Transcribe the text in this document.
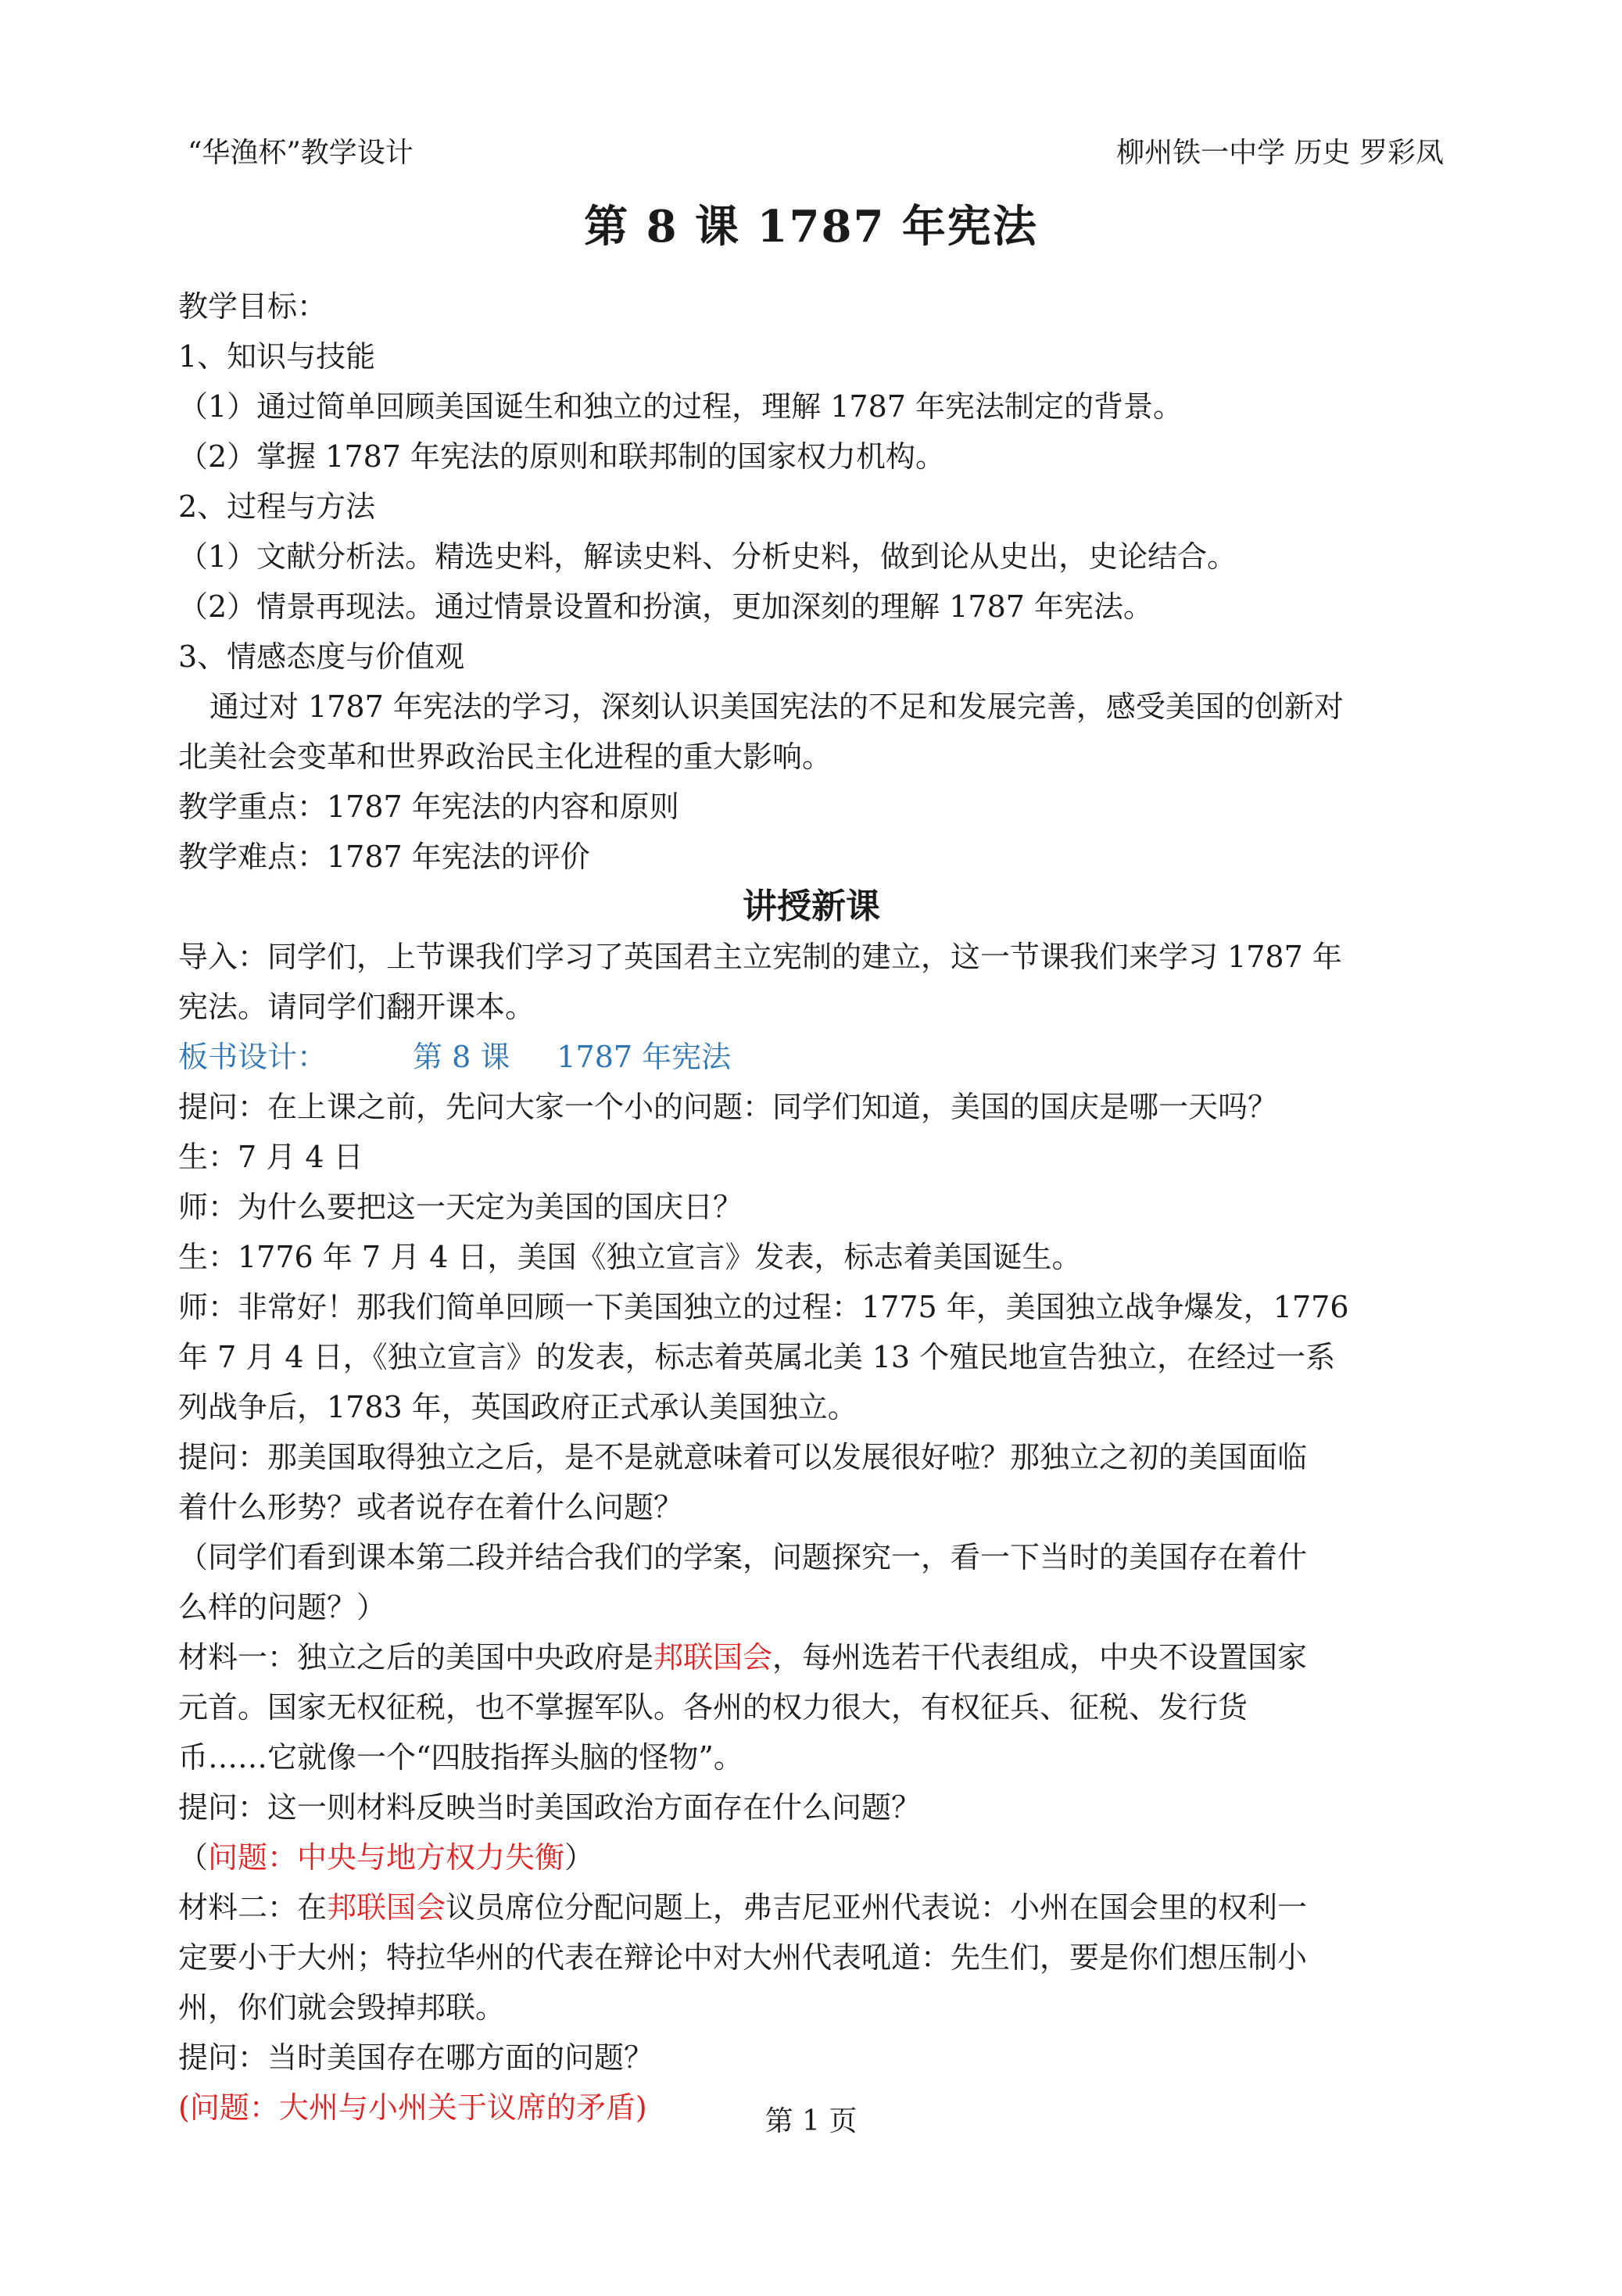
“华渔杯”教学设计	柳州铁一中学 历史 罗彩凤
第 8 课 1787 年宪法
教学目标：
1、知识与技能
（1）通过简单回顾美国诞生和独立的过程，理解 1787 年宪法制定的背景。
（2）掌握 1787 年宪法的原则和联邦制的国家权力机构。
2、过程与方法
（1）文献分析法。精选史料，解读史料、分析史料，做到论从史出，史论结合。
（2）情景再现法。通过情景设置和扮演，更加深刻的理解 1787 年宪法。
3、情感态度与价值观
通过对 1787 年宪法的学习，深刻认识美国宪法的不足和发展完善，感受美国的创新对
北美社会变革和世界政治民主化进程的重大影响。
教学重点：1787 年宪法的内容和原则
教学难点：1787 年宪法的评价
讲授新课
导入：同学们，上节课我们学习了英国君主立宪制的建立，这一节课我们来学习 1787 年
宪法。请同学们翻开课本。
板书设计：	第 8 课 1787 年宪法
提问：在上课之前，先问大家一个小的问题：同学们知道，美国的国庆是哪一天吗？
生：7 月 4 日
师：为什么要把这一天定为美国的国庆日？
生：1776 年 7 月 4 日，美国《独立宣言》发表，标志着美国诞生。
师：非常好！那我们简单回顾一下美国独立的过程：1775 年，美国独立战争爆发，1776
年 7 月 4 日，《独立宣言》的发表，标志着英属北美 13 个殖民地宣告独立，在经过一系
列战争后，1783 年，英国政府正式承认美国独立。
提问：那美国取得独立之后，是不是就意味着可以发展很好啦？那独立之初的美国面临
着什么形势？或者说存在着什么问题？
（同学们看到课本第二段并结合我们的学案，问题探究一，看一下当时的美国存在着什
么样的问题？）
材料一：独立之后的美国中央政府是邦联国会，每州选若干代表组成，中央不设置国家
元首。国家无权征税，也不掌握军队。各州的权力很大，有权征兵、征税、发行货
币……它就像一个“四肢指挥头脑的怪物”。
提问：这一则材料反映当时美国政治方面存在什么问题？
（问题：中央与地方权力失衡）
材料二：在邦联国会议员席位分配问题上，弗吉尼亚州代表说：小州在国会里的权利一
定要小于大州；特拉华州的代表在辩论中对大州代表吼道：先生们，要是你们想压制小
州，你们就会毁掉邦联。
提问：当时美国存在哪方面的问题？
(问题：大州与小州关于议席的矛盾)	第 1 页
